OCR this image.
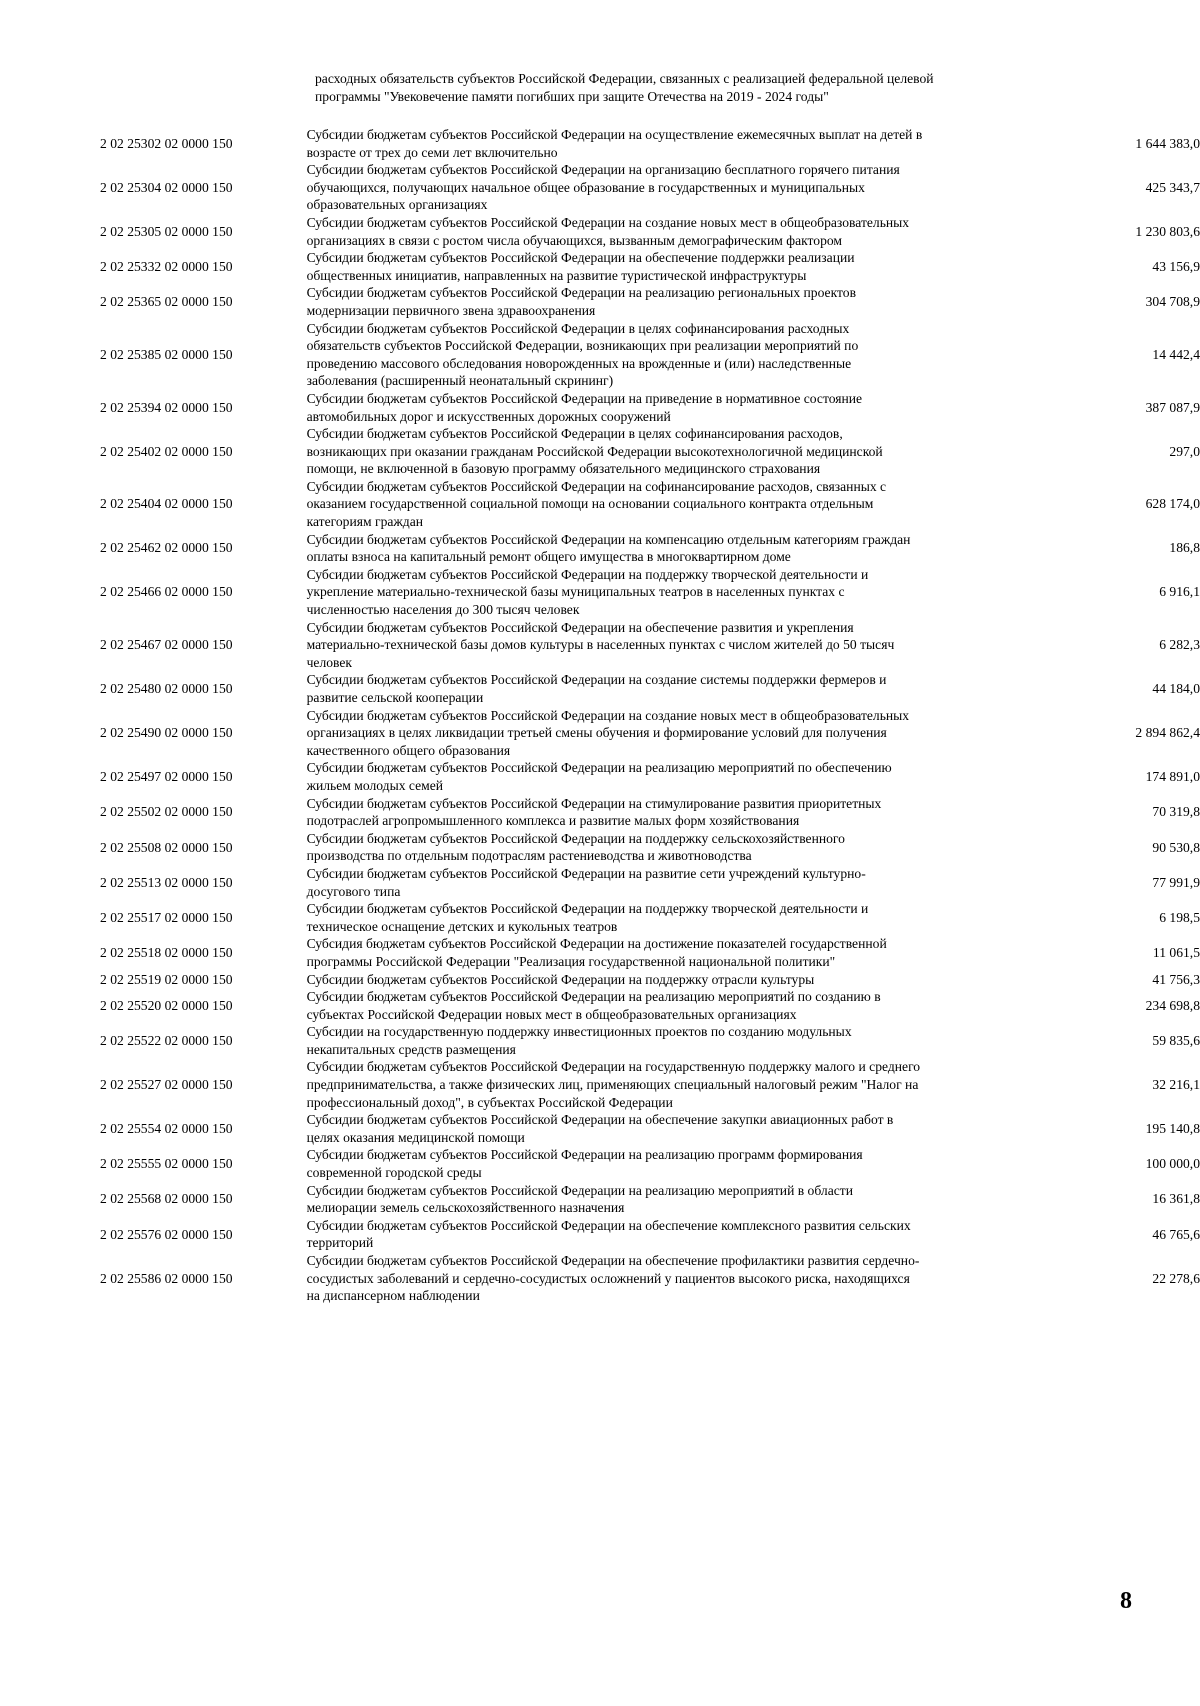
расходных обязательств субъектов Российской Федерации, связанных с реализацией федеральной целевой программы "Увековечение памяти погибших при защите Отечества на 2019 - 2024 годы"
2 02 25302 02 0000 150	Субсидии бюджетам субъектов Российской Федерации на осуществление ежемесячных выплат на детей в возрасте от трех до семи лет включительно	1 644 383,0
2 02 25304 02 0000 150	Субсидии бюджетам субъектов Российской Федерации на организацию бесплатного горячего питания обучающихся, получающих начальное общее образование в государственных и муниципальных образовательных организациях	425 343,7
2 02 25305 02 0000 150	Субсидии бюджетам субъектов Российской Федерации на создание новых мест в общеобразовательных организациях в связи с ростом числа обучающихся, вызванным демографическим фактором	1 230 803,6
2 02 25332 02 0000 150	Субсидии бюджетам субъектов Российской Федерации на обеспечение поддержки реализации общественных инициатив, направленных на развитие туристической инфраструктуры	43 156,9
2 02 25365 02 0000 150	Субсидии бюджетам субъектов Российской Федерации на реализацию региональных проектов модернизации первичного звена здравоохранения	304 708,9
2 02 25385 02 0000 150	Субсидии бюджетам субъектов Российской Федерации в целях софинансирования расходных обязательств субъектов Российской Федерации, возникающих при реализации мероприятий по проведению массового обследования новорожденных на врожденные и (или) наследственные заболевания (расширенный неонатальный скрининг)	14 442,4
2 02 25394 02 0000 150	Субсидии бюджетам субъектов Российской Федерации на приведение в нормативное состояние автомобильных дорог и искусственных дорожных сооружений	387 087,9
2 02 25402 02 0000 150	Субсидии бюджетам субъектов Российской Федерации в целях софинансирования расходов, возникающих при оказании гражданам Российской Федерации высокотехнологичной медицинской помощи, не включенной в базовую программу обязательного медицинского страхования	297,0
2 02 25404 02 0000 150	Субсидии бюджетам субъектов Российской Федерации на софинансирование расходов, связанных с оказанием государственной социальной помощи на основании социального контракта отдельным категориям граждан	628 174,0
2 02 25462 02 0000 150	Субсидии бюджетам субъектов Российской Федерации на компенсацию отдельным категориям граждан оплаты взноса на капитальный ремонт общего имущества в многоквартирном доме	186,8
2 02 25466 02 0000 150	Субсидии бюджетам субъектов Российской Федерации на поддержку творческой деятельности и укрепление материально-технической базы муниципальных театров в населенных пунктах с численностью населения до 300 тысяч человек	6 916,1
2 02 25467 02 0000 150	Субсидии бюджетам субъектов Российской Федерации на обеспечение развития и укрепления материально-технической базы домов культуры в населенных пунктах с числом жителей до 50 тысяч человек	6 282,3
2 02 25480 02 0000 150	Субсидии бюджетам субъектов Российской Федерации на создание системы поддержки фермеров и развитие сельской кооперации	44 184,0
2 02 25490 02 0000 150	Субсидии бюджетам субъектов Российской Федерации на создание новых мест в общеобразовательных организациях в целях ликвидации третьей смены обучения и формирование условий для получения качественного общего образования	2 894 862,4
2 02 25497 02 0000 150	Субсидии бюджетам субъектов Российской Федерации на реализацию мероприятий по обеспечению жильем молодых семей	174 891,0
2 02 25502 02 0000 150	Субсидии бюджетам субъектов Российской Федерации на стимулирование развития приоритетных подотраслей агропромышленного комплекса и развитие малых форм хозяйствования	70 319,8
2 02 25508 02 0000 150	Субсидии бюджетам субъектов Российской Федерации на поддержку сельскохозяйственного производства по отдельным подотраслям растениеводства и животноводства	90 530,8
2 02 25513 02 0000 150	Субсидии бюджетам субъектов Российской Федерации на развитие сети учреждений культурно-досугового типа	77 991,9
2 02 25517 02 0000 150	Субсидии бюджетам субъектов Российской Федерации на поддержку творческой деятельности и техническое оснащение детских и кукольных театров	6 198,5
2 02 25518 02 0000 150	Субсидия бюджетам субъектов Российской Федерации на достижение показателей государственной программы Российской Федерации "Реализация государственной национальной политики"	11 061,5
2 02 25519 02 0000 150	Субсидии бюджетам субъектов Российской Федерации на поддержку отрасли культуры	41 756,3
2 02 25520 02 0000 150	Субсидии бюджетам субъектов Российской Федерации на реализацию мероприятий по созданию в субъектах Российской Федерации новых мест в общеобразовательных организациях	234 698,8
2 02 25522 02 0000 150	Субсидии на государственную поддержку инвестиционных проектов по созданию модульных некапитальных средств размещения	59 835,6
2 02 25527 02 0000 150	Субсидии бюджетам субъектов Российской Федерации на государственную поддержку малого и среднего предпринимательства, а также физических лиц, применяющих специальный налоговый режим "Налог на профессиональный доход", в субъектах Российской Федерации	32 216,1
2 02 25554 02 0000 150	Субсидии бюджетам субъектов Российской Федерации на обеспечение закупки авиационных работ в целях оказания медицинской помощи	195 140,8
2 02 25555 02 0000 150	Субсидии бюджетам субъектов Российской Федерации на реализацию программ формирования современной городской среды	100 000,0
2 02 25568 02 0000 150	Субсидии бюджетам субъектов Российской Федерации на реализацию мероприятий в области мелиорации земель сельскохозяйственного назначения	16 361,8
2 02 25576 02 0000 150	Субсидии бюджетам субъектов Российской Федерации на обеспечение комплексного развития сельских территорий	46 765,6
2 02 25586 02 0000 150	Субсидии бюджетам субъектов Российской Федерации на обеспечение профилактики развития сердечно-сосудистых заболеваний и сердечно-сосудистых осложнений у пациентов высокого риска, находящихся на диспансерном наблюдении	22 278,6
8
